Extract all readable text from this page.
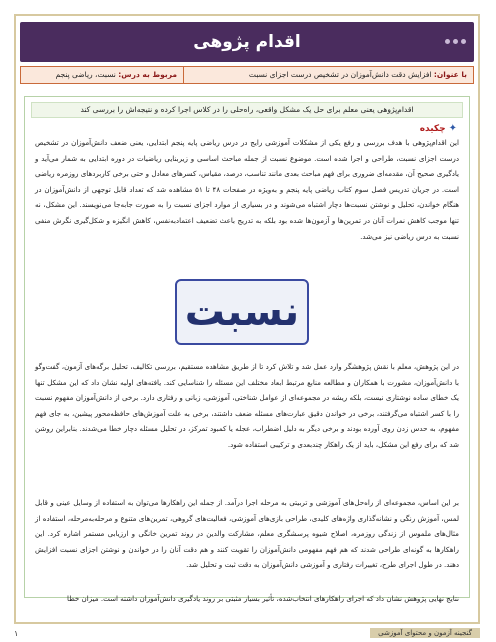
اقدام پژوهی
با عنوان: افزایش دقت دانش‌آموزان در تشخیص درست اجزای نسبت
مربوط به درس: نسبت، ریاضی پنجم
اقدام‌پژوهی یعنی معلم برای حل یک مشکل واقعی، راه‌حلی را در کلاس اجرا کرده و نتیجه‌اش را بررسی کند
✦
چکیده
این اقدام‌پژوهی با هدف بررسی و رفع یکی از مشکلات آموزشی رایج در درس ریاضی پایه پنجم ابتدایی، یعنی ضعف دانش‌آموزان در تشخیص درست اجزای نسبت، طراحی و اجرا شده است. موضوع نسبت از جمله مباحث اساسی و زیربنایی ریاضیات در دوره ابتدایی به شمار می‌آید و یادگیری صحیح آن، مقدمه‌ای ضروری برای فهم مباحث بعدی مانند تناسب، درصد، مقیاس، کسرهای معادل و حتی برخی کاربردهای روزمره ریاضی است. در جریان تدریس فصل سوم کتاب ریاضی پایه پنجم و به‌ویژه در صفحات ۴۸ تا ۵۱ مشاهده شد که تعداد قابل توجهی از دانش‌آموزان در هنگام خواندن، تحلیل و نوشتن نسبت‌ها دچار اشتباه می‌شوند و در بسیاری از موارد اجزای نسبت را به صورت جابه‌جا می‌نویسند. این مشکل، نه تنها موجب کاهش نمرات آنان در تمرین‌ها و آزمون‌ها شده بود بلکه به تدریج باعث تضعیف اعتمادبه‌نفس، کاهش انگیزه و شکل‌گیری نگرش منفی نسبت به درس ریاضی نیز می‌شد.
نسبت
در این پژوهش، معلم با نقش پژوهشگر وارد عمل شد و تلاش کرد تا از طریق مشاهده مستقیم، بررسی تکالیف، تحلیل برگه‌های آزمون، گفت‌وگو با دانش‌آموزان، مشورت با همکاران و مطالعه منابع مرتبط ابعاد مختلف این مسئله را شناسایی کند. یافته‌های اولیه نشان داد که این مشکل تنها یک خطای ساده نوشتاری نیست، بلکه ریشه در مجموعه‌ای از عوامل شناختی، آموزشی، زبانی و رفتاری دارد. برخی از دانش‌آموزان مفهوم نسبت را با کسر اشتباه می‌گرفتند، برخی در خواندن دقیق عبارت‌های مسئله ضعف داشتند، برخی به علت آموزش‌های حافظه‌محور پیشین، به جای فهم مفهوم، به حدس زدن روی آورده بودند و برخی دیگر به دلیل اضطراب، عجله یا کمبود تمرکز، در تحلیل مسئله دچار خطا می‌شدند. بنابراین روشن شد که برای رفع این مشکل، باید از یک راهکار چندبعدی و ترکیبی استفاده شود.
بر این اساس، مجموعه‌ای از راه‌حل‌های آموزشی و تربیتی به مرحله اجرا درآمد. از جمله این راهکارها می‌توان به استفاده از وسایل عینی و قابل لمس، آموزش رنگی و نشانه‌گذاری واژه‌های کلیدی، طراحی بازی‌های آموزشی، فعالیت‌های گروهی، تمرین‌های متنوع و مرحله‌به‌مرحله، استفاده از مثال‌های ملموس از زندگی روزمره، اصلاح شیوه پرسشگری معلم، مشارکت والدین در روند تمرین خانگی و ارزیابی مستمر اشاره کرد. این راهکارها به گونه‌ای طراحی شدند که هم فهم مفهومی دانش‌آموزان را تقویت کنند و هم دقت آنان را در خواندن و نوشتن اجزای نسبت افزایش دهند. در طول اجرای طرح، تغییرات رفتاری و آموزشی دانش‌آموزان به دقت ثبت و تحلیل شد.
نتایج نهایی پژوهش نشان داد که اجرای راهکارهای انتخاب‌شده، تأثیر بسیار مثبتی بر روند یادگیری دانش‌آموزان داشته است. میزان خطا
۱	گنجینه آزمون و محتوای آموزشی
